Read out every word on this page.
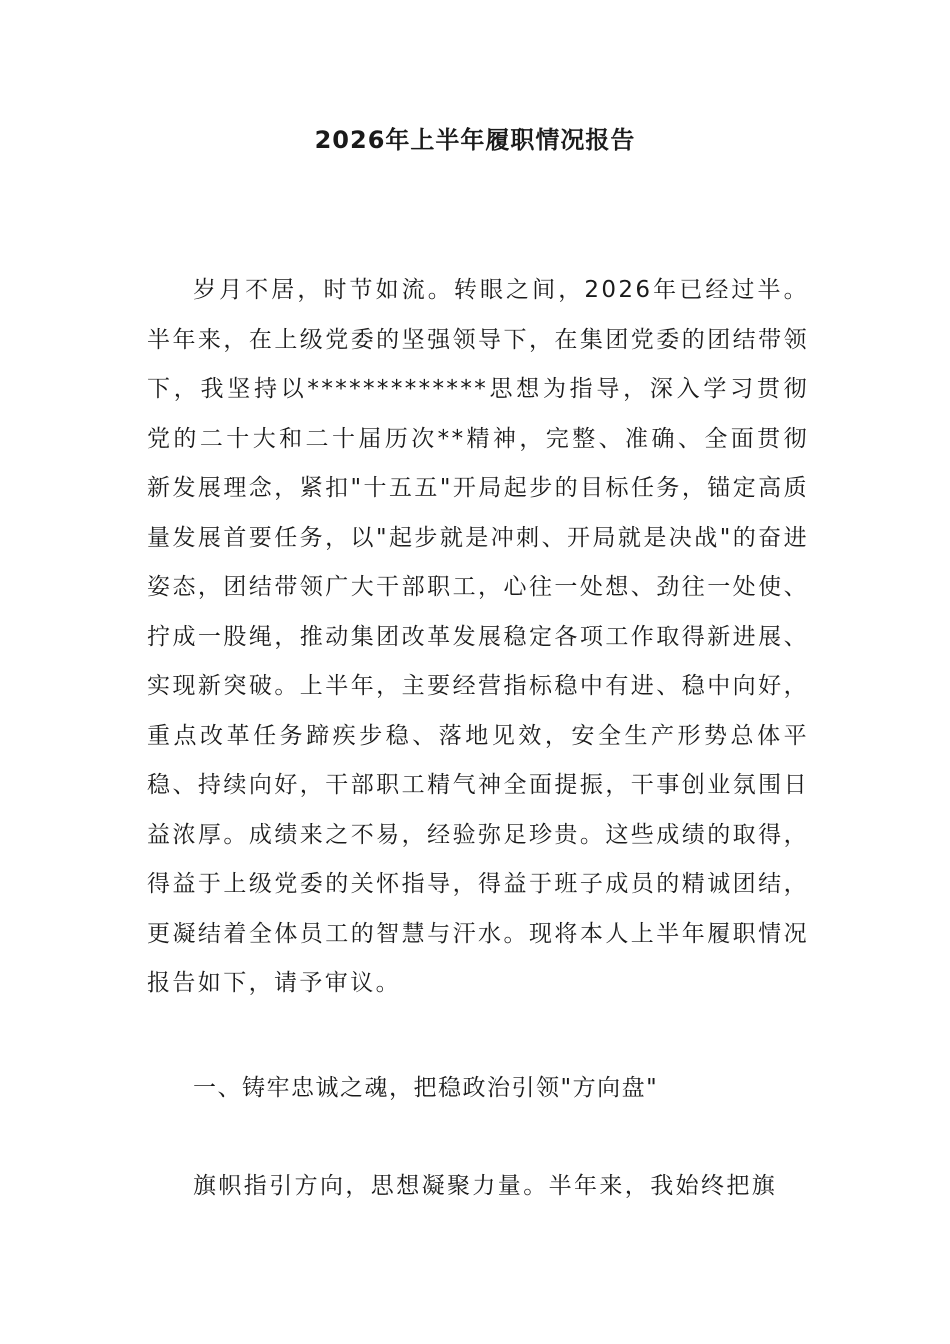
2026年上半年履职情况报告

岁月不居，时节如流。转眼之间，2026年已经过半。半年来，在上级党委的坚强领导下，在集团党委的团结带领下，我坚持以*************思想为指导，深入学习贯彻党的二十大和二十届历次**精神，完整、准确、全面贯彻新发展理念，紧扣"十五五"开局起步的目标任务，锚定高质量发展首要任务，以"起步就是冲刺、开局就是决战"的奋进姿态，团结带领广大干部职工，心往一处想、劲往一处使、拧成一股绳，推动集团改革发展稳定各项工作取得新进展、实现新突破。上半年，主要经营指标稳中有进、稳中向好，重点改革任务蹄疾步稳、落地见效，安全生产形势总体平稳、持续向好，干部职工精气神全面提振，干事创业氛围日益浓厚。成绩来之不易，经验弥足珍贵。这些成绩的取得，得益于上级党委的关怀指导，得益于班子成员的精诚团结，更凝结着全体员工的智慧与汗水。现将本人上半年履职情况报告如下，请予审议。

一、铸牢忠诚之魂，把稳政治引领"方向盘"

旗帜指引方向，思想凝聚力量。半年来，我始终把旗
